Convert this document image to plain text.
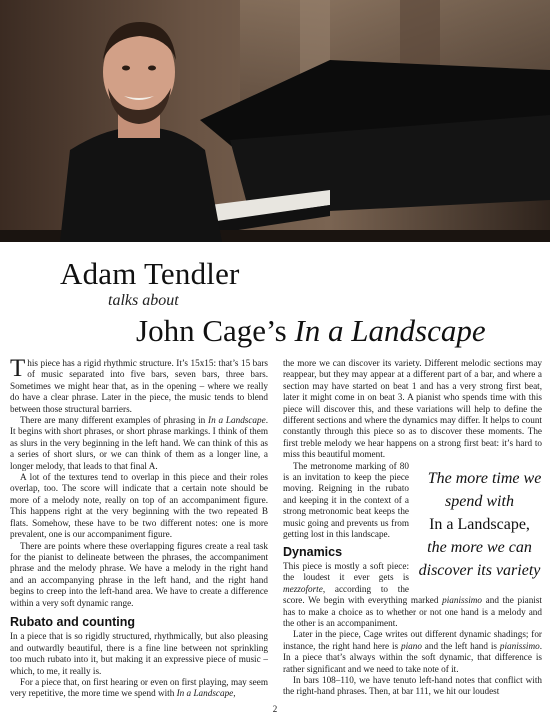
Adam Tendler
talks about
John Cage’s In a Landscape

This piece has a rigid rhythmic structure. It’s 15x15: that’s 15 bars of music separated into five bars, seven bars, three bars. Sometimes we might hear that, as in the opening – where we really do have a clear phrase. Later in the piece, the music tends to blend between those structural barriers.

There are many different examples of phrasing in In a Landscape. It begins with short phrases, or short phrase markings. I think of them as slurs in the very beginning in the left hand. We can think of this as a series of short slurs, or we can think of them as a longer line, a longer melody, that leads to that final A.

A lot of the textures tend to overlap in this piece and their roles overlap, too. The score will indicate that a certain note should be more of a melody note, really on top of an accompaniment figure. This happens right at the very beginning with the two repeated B flats. Somehow, these have to be two different notes: one is more prevalent, one is our accompaniment figure.

There are points where these overlapping figures create a real task for the pianist to delineate between the phrases, the accompaniment phrase and the melody phrase. We have a melody in the right hand and an accompanying phrase in the left hand, and the right hand begins to creep into the left-hand area. We have to create a difference within a very soft dynamic range.

Rubato and counting

In a piece that is so rigidly structured, rhythmically, but also pleasing and outwardly beautiful, there is a fine line between not sprinkling too much rubato into it, but making it an expressive piece of music – which, to me, it really is.

For a piece that, on first hearing or even on first playing, may seem very repetitive, the more time we spend with In a Landscape,

the more we can discover its variety. Different melodic sections may reappear, but they may appear at a different part of a bar, and where a section may have started on beat 1 and has a very strong first beat, later it might come in on beat 3. A pianist who spends time with this piece will discover this, and these variations will help to define the different sections and where the dynamics may differ. It helps to count constantly through this piece so as to discover these moments. The first treble melody we hear happens on a strong first beat: it’s hard to miss this beautiful moment.

The more time we spend with
In a Landscape,
the more we can discover its variety
The metronome marking of 80 is an invitation to keep the piece moving. Reigning in the rubato and keeping it in the context of a strong metronomic beat keeps the music going and prevents us from getting lost in this landscape.

Dynamics

This piece is mostly a soft piece: the loudest it ever gets is mezzoforte, according to the score. We begin with everything marked pianissimo and the pianist has to make a choice as to whether or not one hand is a melody and the other is an accompaniment.

Later in the piece, Cage writes out different dynamic shadings; for instance, the right hand here is piano and the left hand is pianissimo. In a piece that’s always within the soft dynamic, that difference is rather significant and we need to take note of it.

In bars 108–110, we have tenuto left-hand notes that conflict with the right-hand phrases. Then, at bar 111, we hit our loudest

2
